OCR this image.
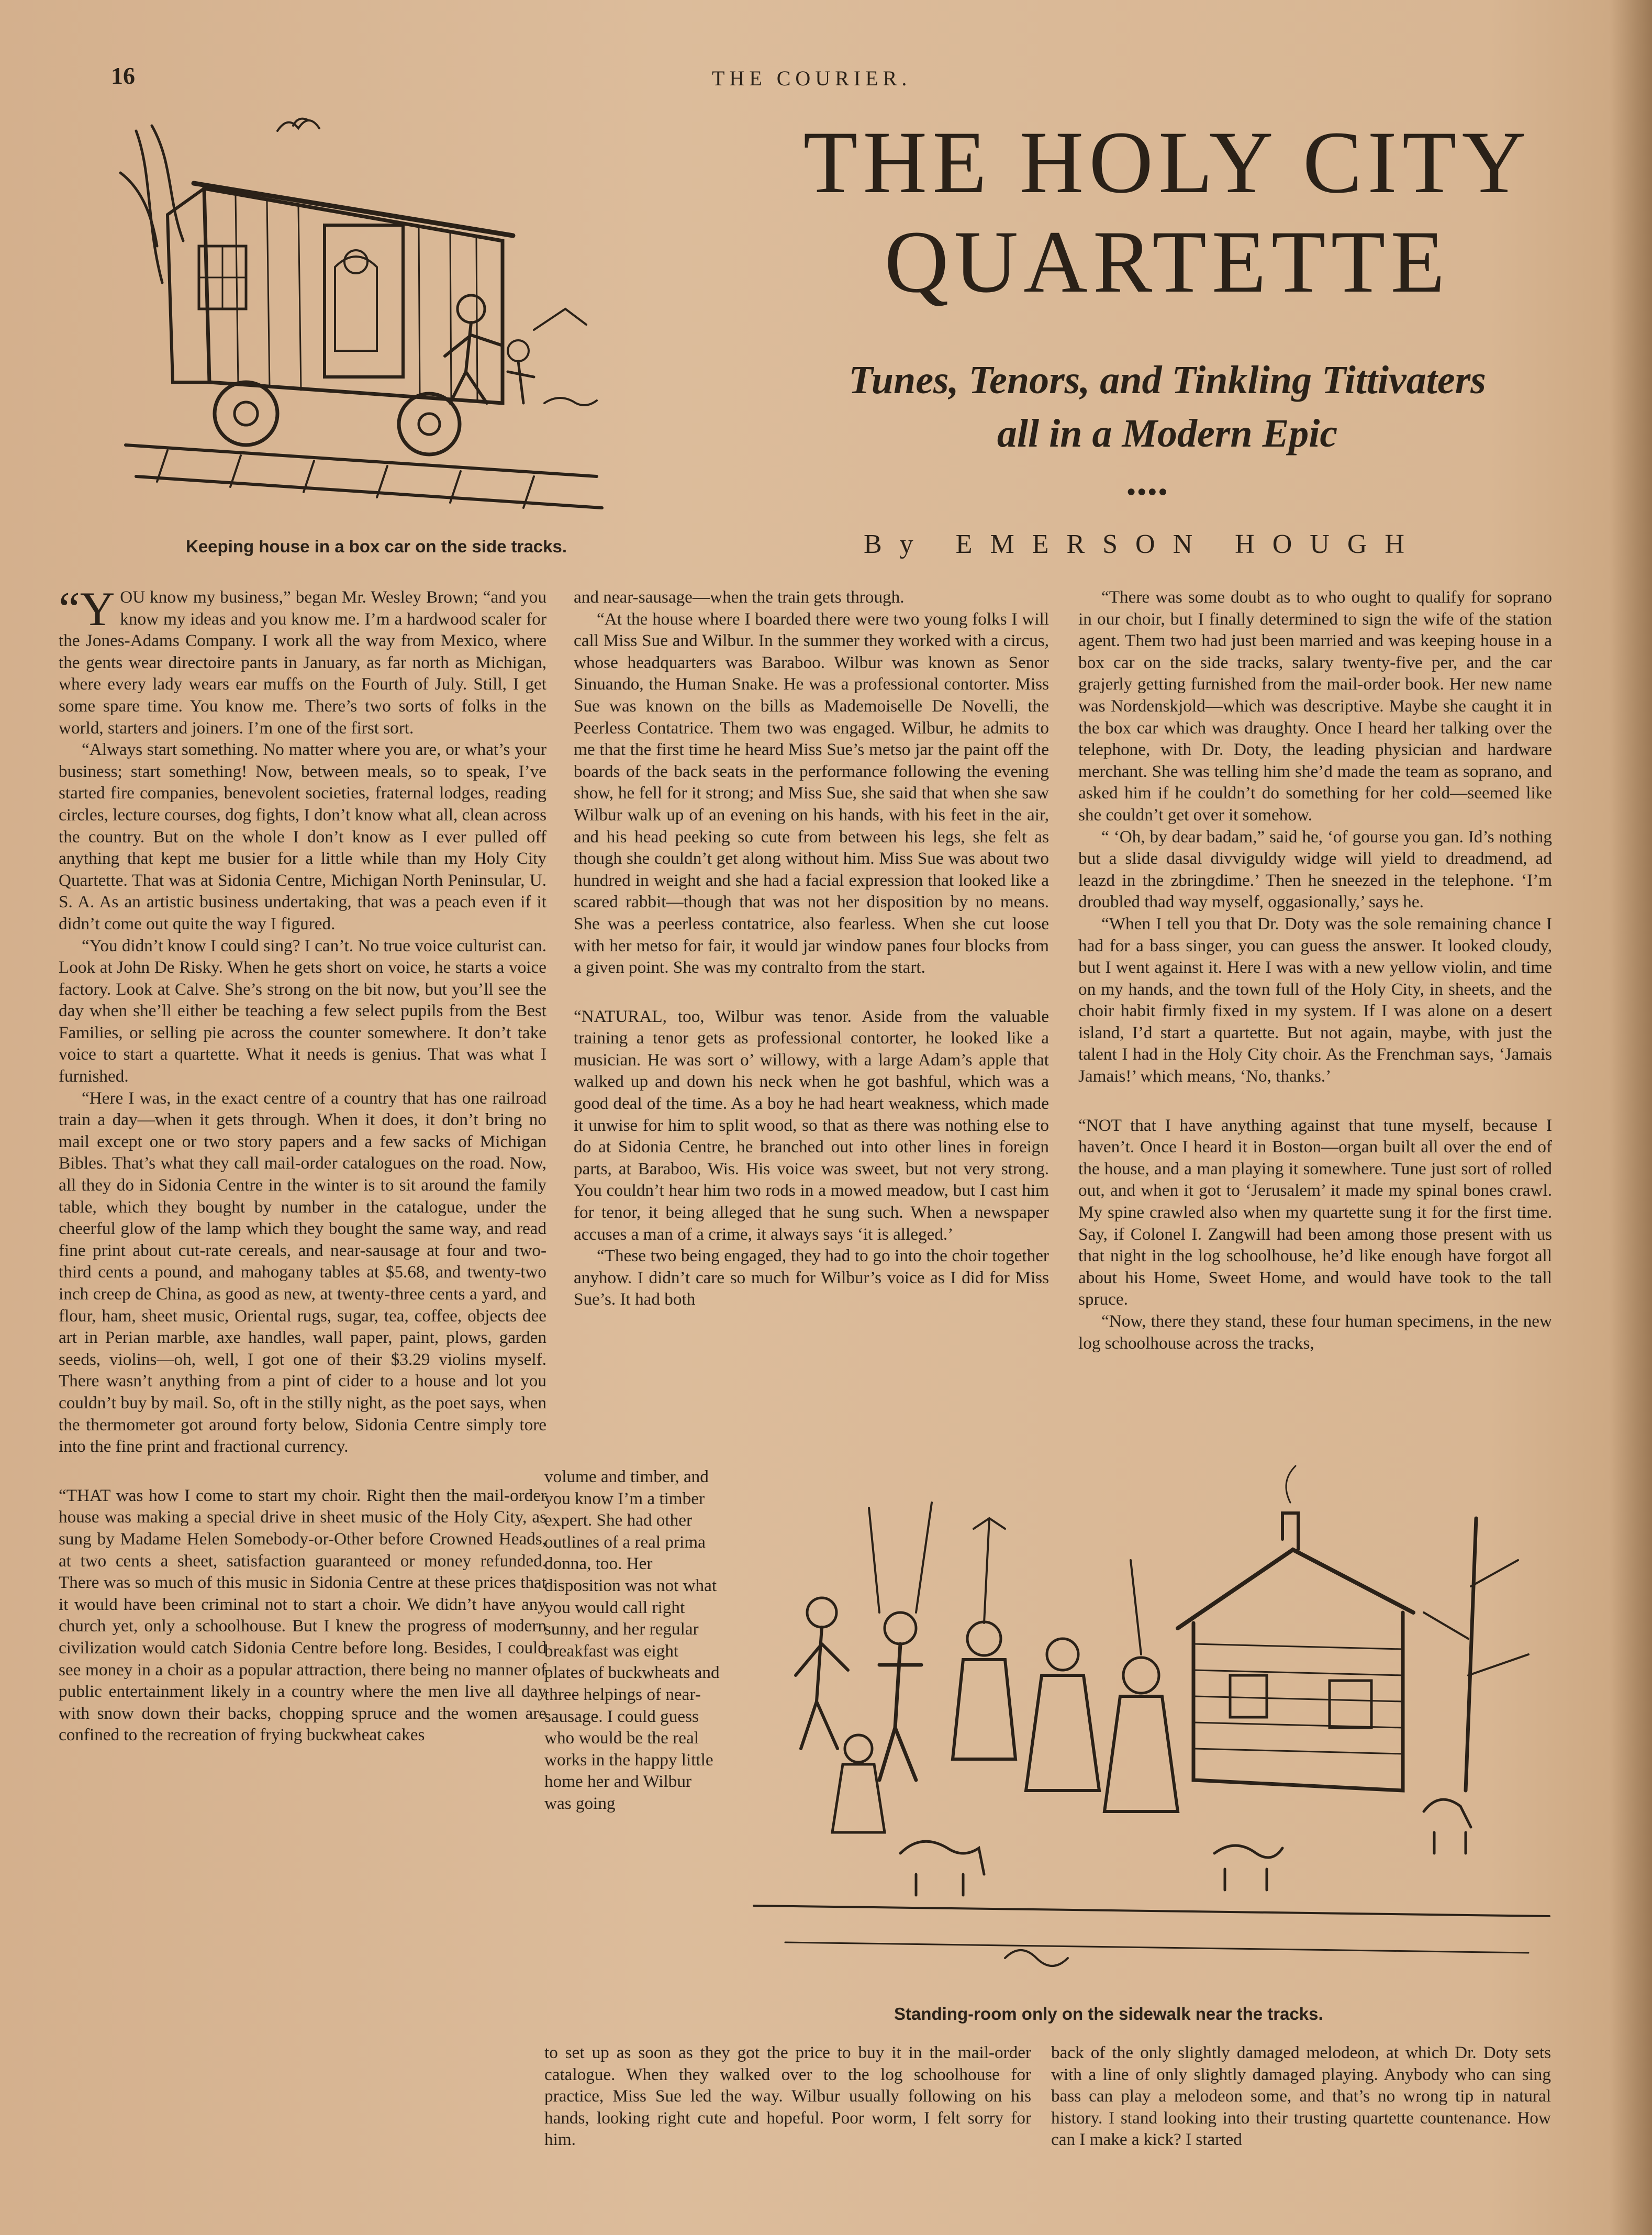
16	THE COURIER.
THE HOLY CITY
QUARTETTE
Tunes, Tenors, and Tinkling Tittivaters
all in a Modern Epic
●●●●
By EMERSON HOUGH
Keeping house in a box car on the side tracks.

“YOU know my business,” began Mr. Wesley Brown; “and you know my ideas and you know me. I’m a hardwood scaler for the Jones-Adams Company. I work all the way from Mexico, where the gents wear directoire pants in January, as far north as Michigan, where every lady wears ear muffs on the Fourth of July. Still, I get some spare time. You know me. There’s two sorts of folks in the world, starters and joiners. I’m one of the first sort.

“Always start something. No matter where you are, or what’s your business; start something! Now, between meals, so to speak, I’ve started fire companies, benevolent societies, fraternal lodges, reading circles, lecture courses, dog fights, I don’t know what all, clean across the country. But on the whole I don’t know as I ever pulled off anything that kept me busier for a little while than my Holy City Quartette. That was at Sidonia Centre, Michigan North Peninsular, U. S. A. As an artistic business undertaking, that was a peach even if it didn’t come out quite the way I figured.

“You didn’t know I could sing? I can’t. No true voice culturist can. Look at John De Risky. When he gets short on voice, he starts a voice factory. Look at Calve. She’s strong on the bit now, but you’ll see the day when she’ll either be teaching a few select pupils from the Best Families, or selling pie across the counter somewhere. It don’t take voice to start a quartette. What it needs is genius. That was what I furnished.

“Here I was, in the exact centre of a country that has one railroad train a day—when it gets through. When it does, it don’t bring no mail except one or two story papers and a few sacks of Michigan Bibles. That’s what they call mail-order catalogues on the road. Now, all they do in Sidonia Centre in the winter is to sit around the family table, which they bought by number in the catalogue, under the cheerful glow of the lamp which they bought the same way, and read fine print about cut-rate cereals, and near-sausage at four and two-third cents a pound, and mahogany tables at $5.68, and twenty-two inch creep de China, as good as new, at twenty-three cents a yard, and flour, ham, sheet music, Oriental rugs, sugar, tea, coffee, objects dee art in Perian marble, axe handles, wall paper, paint, plows, garden seeds, violins—oh, well, I got one of their $3.29 violins myself. There wasn’t anything from a pint of cider to a house and lot you couldn’t buy by mail. So, oft in the stilly night, as the poet says, when the thermometer got around forty below, Sidonia Centre simply tore into the fine print and fractional currency.

“THAT was how I come to start my choir. Right then the mail-order house was making a special drive in sheet music of the Holy City, as sung by Madame Helen Somebody-or-Other before Crowned Heads, at two cents a sheet, satisfaction guaranteed or money refunded. There was so much of this music in Sidonia Centre at these prices that it would have been criminal not to start a choir. We didn’t have any church yet, only a schoolhouse. But I knew the progress of modern civilization would catch Sidonia Centre before long. Besides, I could see money in a choir as a popular attraction, there being no manner of public entertainment likely in a country where the men live all day with snow down their backs, chopping spruce and the women are confined to the recreation of frying buckwheat cakes

and near-sausage—when the train gets through.

“At the house where I boarded there were two young folks I will call Miss Sue and Wilbur. In the summer they worked with a circus, whose headquarters was Baraboo. Wilbur was known as Senor Sinuando, the Human Snake. He was a professional contorter. Miss Sue was known on the bills as Mademoiselle De Novelli, the Peerless Contatrice. Them two was engaged. Wilbur, he admits to me that the first time he heard Miss Sue’s metso jar the paint off the boards of the back seats in the performance following the evening show, he fell for it strong; and Miss Sue, she said that when she saw Wilbur walk up of an evening on his hands, with his feet in the air, and his head peeking so cute from between his legs, she felt as though she couldn’t get along without him. Miss Sue was about two hundred in weight and she had a facial expression that looked like a scared rabbit—though that was not her disposition by no means. She was a peerless contatrice, also fearless. When she cut loose with her metso for fair, it would jar window panes four blocks from a given point. She was my contralto from the start.

“NATURAL, too, Wilbur was tenor. Aside from the valuable training a tenor gets as professional contorter, he looked like a musician. He was sort o’ willowy, with a large Adam’s apple that walked up and down his neck when he got bashful, which was a good deal of the time. As a boy he had heart weakness, which made it unwise for him to split wood, so that as there was nothing else to do at Sidonia Centre, he branched out into other lines in foreign parts, at Baraboo, Wis. His voice was sweet, but not very strong. You couldn’t hear him two rods in a mowed meadow, but I cast him for tenor, it being alleged that he sung such. When a newspaper accuses a man of a crime, it always says ‘it is alleged.’

“These two being engaged, they had to go into the choir together anyhow. I didn’t care so much for Wilbur’s voice as I did for Miss Sue’s. It had both

volume and timber, and you know I’m a timber expert. She had other outlines of a real prima donna, too. Her disposition was not what you would call right sunny, and her regular breakfast was eight plates of buckwheats and three helpings of near-sausage. I could guess who would be the real works in the happy little home her and Wilbur was going

to set up as soon as they got the price to buy it in the mail-order catalogue. When they walked over to the log schoolhouse for practice, Miss Sue led the way. Wilbur usually following on his hands, looking right cute and hopeful. Poor worm, I felt sorry for him.

“There was some doubt as to who ought to qualify for soprano in our choir, but I finally determined to sign the wife of the station agent. Them two had just been married and was keeping house in a box car on the side tracks, salary twenty-five per, and the car grajerly getting furnished from the mail-order book. Her new name was Nordenskjold—which was descriptive. Maybe she caught it in the box car which was draughty. Once I heard her talking over the telephone, with Dr. Doty, the leading physician and hardware merchant. She was telling him she’d made the team as soprano, and asked him if he couldn’t do something for her cold—seemed like she couldn’t get over it somehow.

“ ‘Oh, by dear badam,” said he, ‘of gourse you gan. Id’s nothing but a slide dasal divviguldy widge will yield to dreadmend, ad leazd in the zbringdime.’ Then he sneezed in the telephone. ‘I’m droubled thad way myself, oggasionally,’ says he.

“When I tell you that Dr. Doty was the sole remaining chance I had for a bass singer, you can guess the answer. It looked cloudy, but I went against it. Here I was with a new yellow violin, and time on my hands, and the town full of the Holy City, in sheets, and the choir habit firmly fixed in my system. If I was alone on a desert island, I’d start a quartette. But not again, maybe, with just the talent I had in the Holy City choir. As the Frenchman says, ‘Jamais Jamais!’ which means, ‘No, thanks.’

“NOT that I have anything against that tune myself, because I haven’t. Once I heard it in Boston—organ built all over the end of the house, and a man playing it somewhere. Tune just sort of rolled out, and when it got to ‘Jerusalem’ it made my spinal bones crawl. My spine crawled also when my quartette sung it for the first time. Say, if Colonel I. Zangwill had been among those present with us that night in the log schoolhouse, he’d like enough have forgot all about his Home, Sweet Home, and would have took to the tall spruce.

“Now, there they stand, these four human specimens, in the new log schoolhouse across the tracks,

back of the only slightly damaged melodeon, at which Dr. Doty sets with a line of only slightly damaged playing. Anybody who can sing bass can play a melodeon some, and that’s no wrong tip in natural history. I stand looking into their trusting quartette countenance. How can I make a kick? I started

Standing-room only on the sidewalk near the tracks.
